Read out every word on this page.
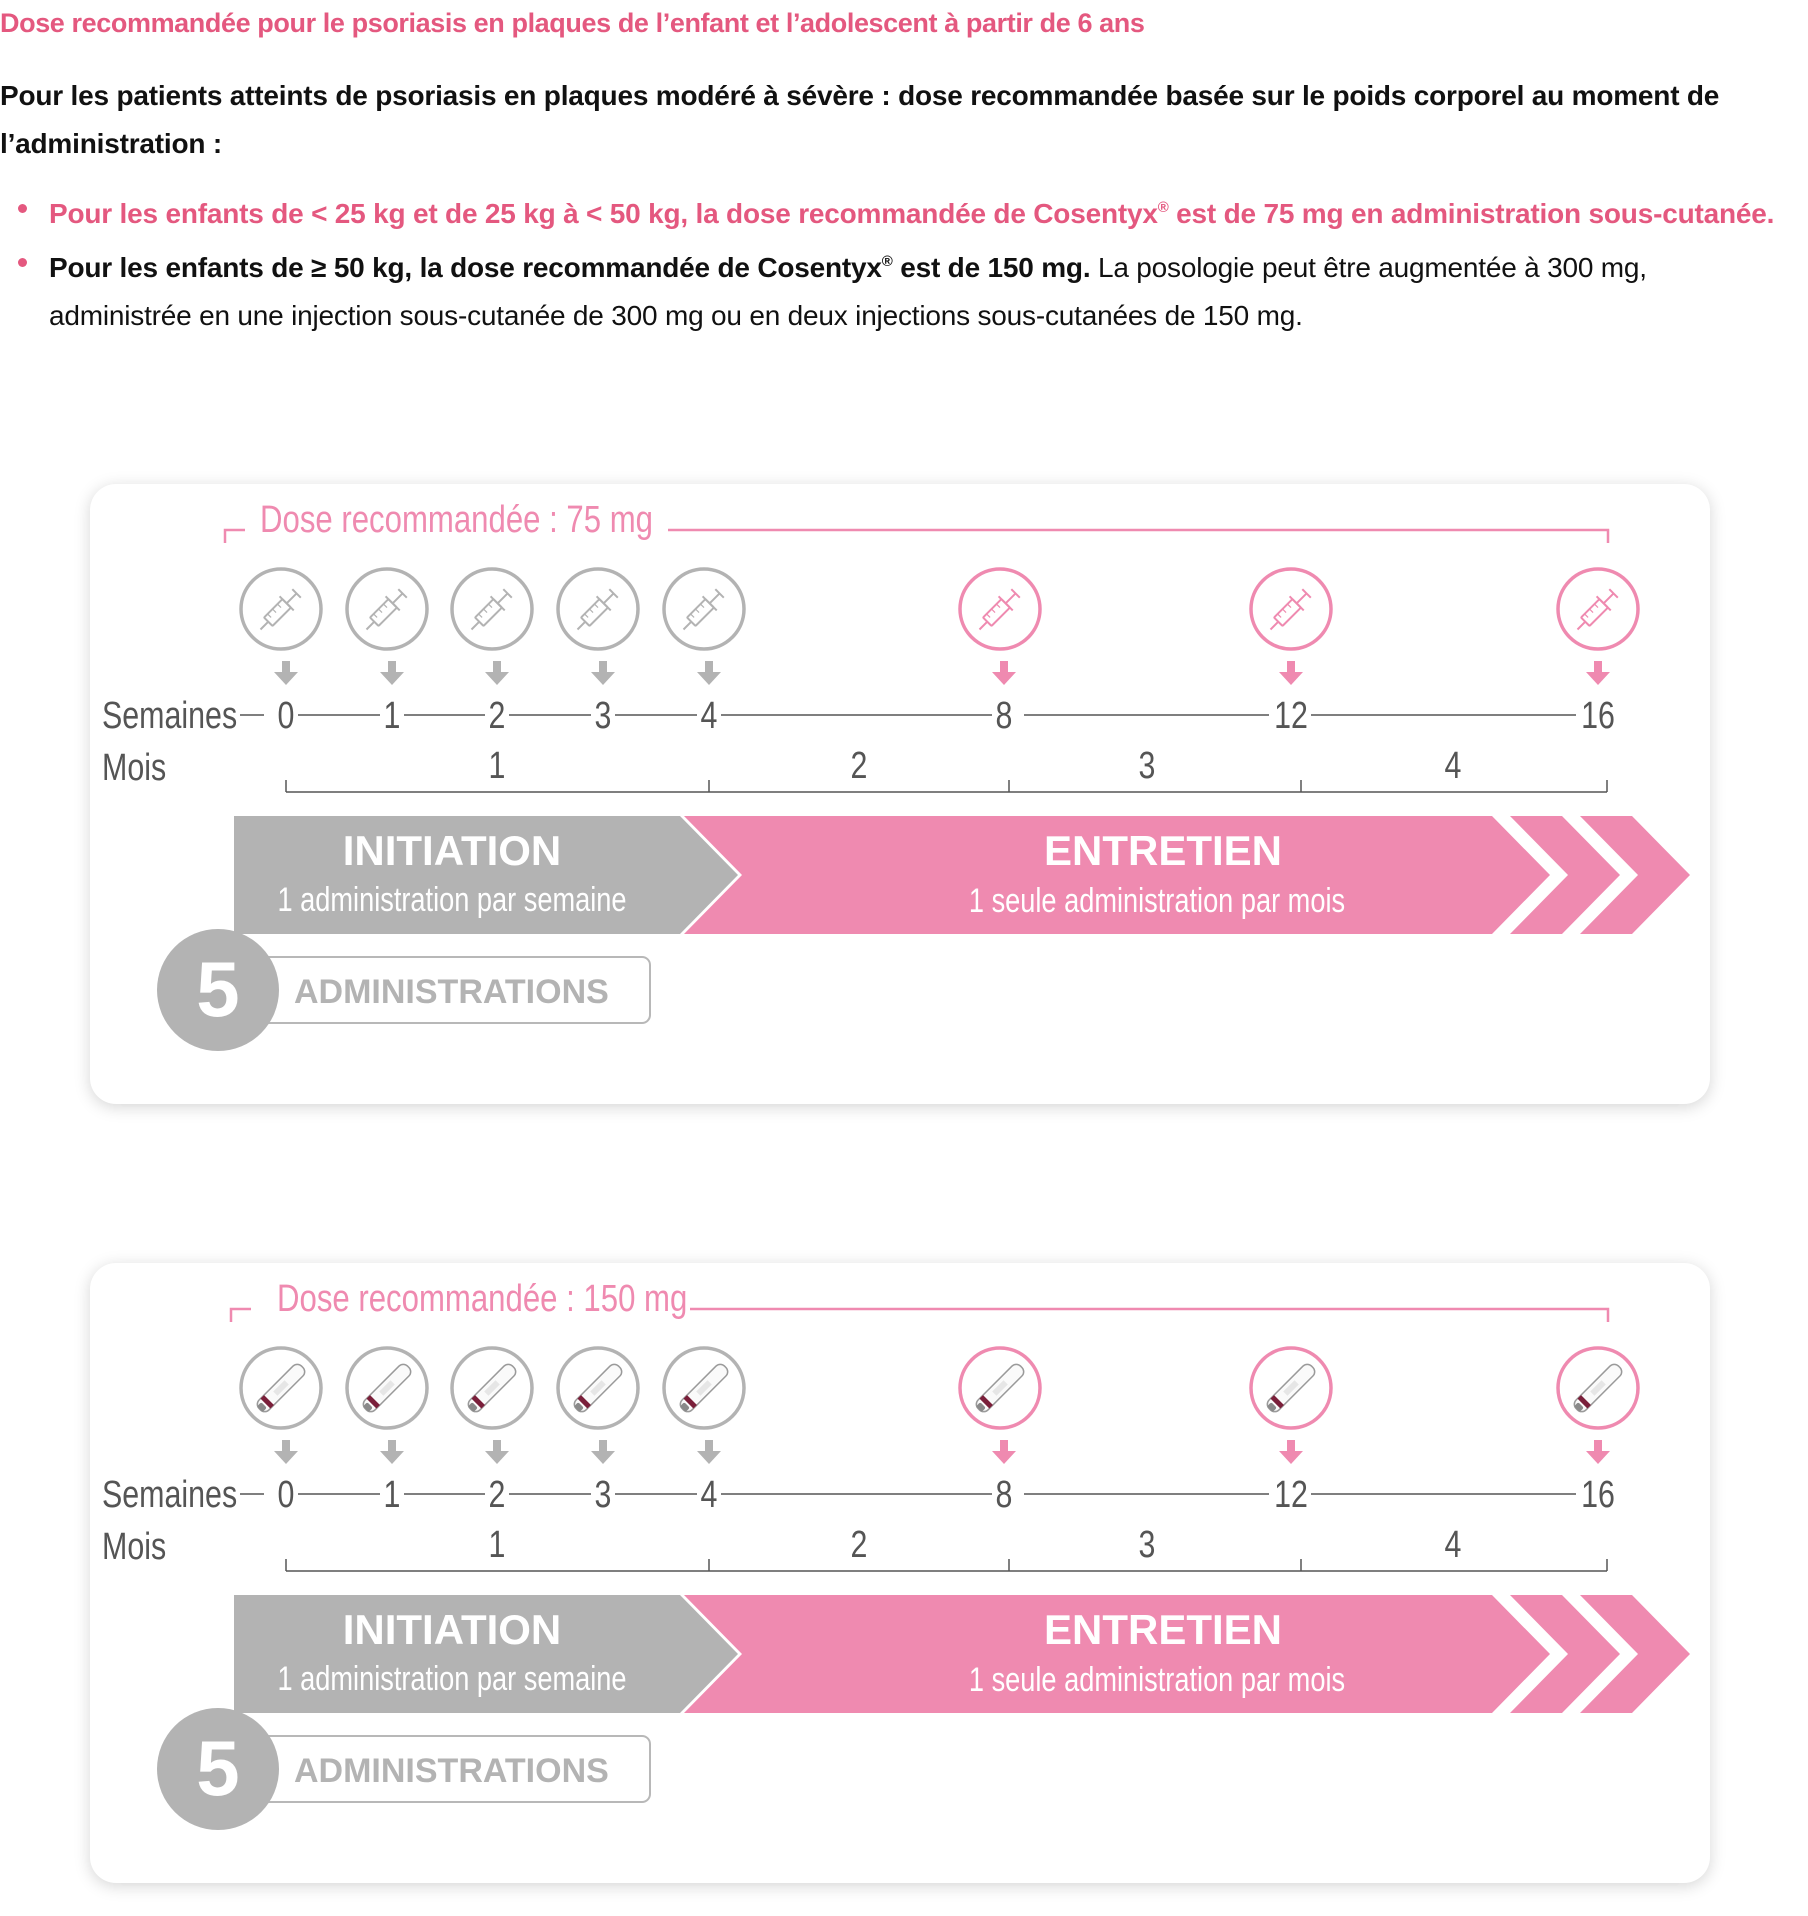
Dose recommandée pour le psoriasis en plaques de l’enfant et l’adolescent à partir de 6 ans
Pour les patients atteints de psoriasis en plaques modéré à sévère : dose recommandée basée sur le poids corporel au moment de l’administration :
Pour les enfants de < 25 kg et de 25 kg à < 50 kg, la dose recommandée de Cosentyx® est de 75 mg en administration sous-cutanée.
Pour les enfants de ≥ 50 kg, la dose recommandée de Cosentyx® est de 150 mg. La posologie peut être augmentée à 300 mg, administrée en une injection sous-cutanée de 300 mg ou en deux injections sous-cutanées de 150 mg.
Dose recommandée : 75 mg
Semaines 0 1 2 3 4	8	12	16
Mois	1	2	3	4
INITIATION
1 administration par semaine
ENTRETIEN
1 seule administration par mois
5 ADMINISTRATIONS
Dose recommandée : 150 mg
Semaines 0 1 2 3 4	8	12	16
Mois	1	2	3	4
INITIATION
1 administration par semaine
ENTRETIEN
1 seule administration par mois
5 ADMINISTRATIONS
